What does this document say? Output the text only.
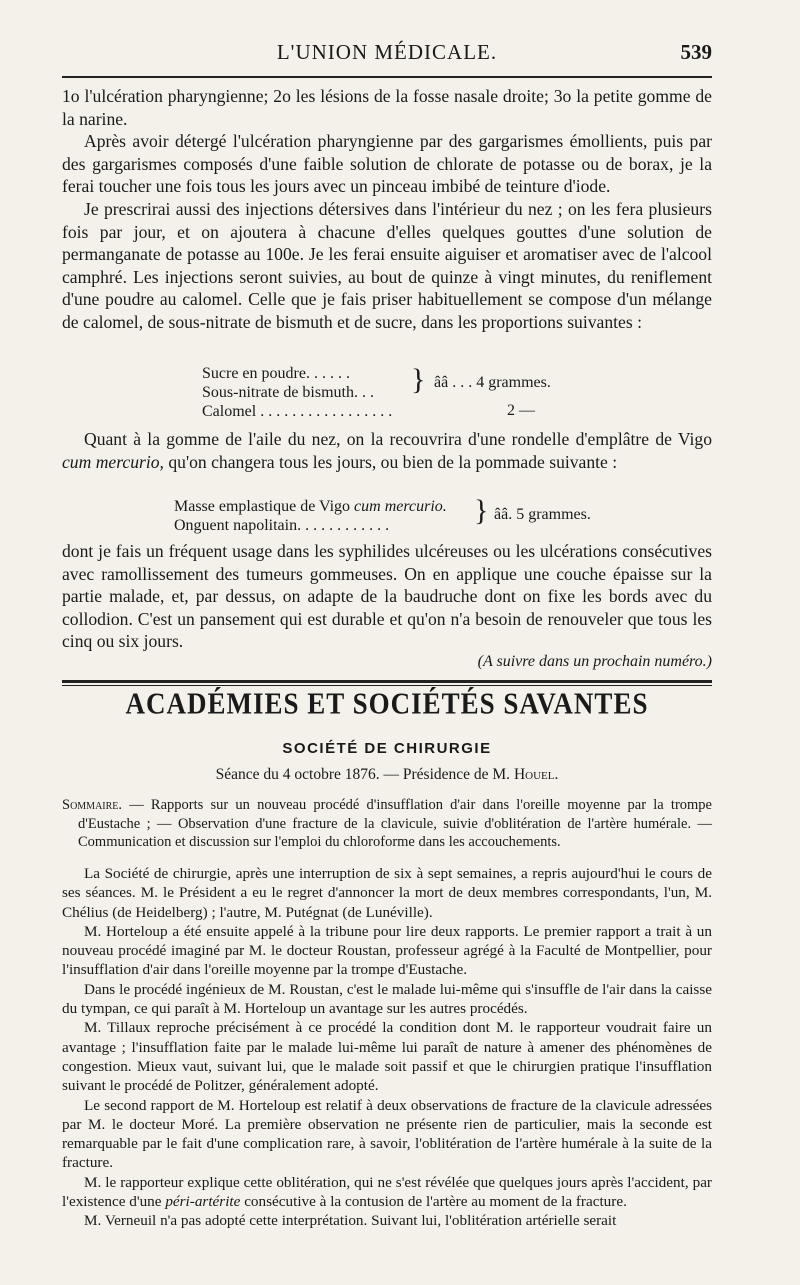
L'UNION MÉDICALE.	539

1o l'ulcération pharyngienne; 2o les lésions de la fosse nasale droite; 3o la petite gomme de la narine.

Après avoir détergé l'ulcération pharyngienne par des gargarismes émollients, puis par des gargarismes composés d'une faible solution de chlorate de potasse ou de borax, je la ferai toucher une fois tous les jours avec un pinceau imbibé de teinture d'iode.

Je prescrirai aussi des injections détersives dans l'intérieur du nez ; on les fera plusieurs fois par jour, et on ajoutera à chacune d'elles quelques gouttes d'une solution de permanganate de potasse au 100e. Je les ferai ensuite aiguiser et aromatiser avec de l'alcool camphré. Les injections seront suivies, au bout de quinze à vingt minutes, du reniflement d'une poudre au calomel. Celle que je fais priser habituellement se compose d'un mélange de calomel, de sous-nitrate de bismuth et de sucre, dans les proportions suivantes :

Sucre en poudre. . . . . .
Sous-nitrate de bismuth. . .
Calomel . . . . . . . . . . . . . . . . .
} ââ . . . 4 grammes.
2 —

Quant à la gomme de l'aile du nez, on la recouvrira d'une rondelle d'emplâtre de Vigo cum mercurio, qu'on changera tous les jours, ou bien de la pommade suivante :

Masse emplastique de Vigo cum mercurio.
Onguent napolitain. . . . . . . . . . . .	} ââ. 5 grammes.

dont je fais un fréquent usage dans les syphilides ulcéreuses ou les ulcérations consécutives avec ramollissement des tumeurs gommeuses. On en applique une couche épaisse sur la partie malade, et, par dessus, on adapte de la baudruche dont on fixe les bords avec du collodion. C'est un pansement qui est durable et qu'on n'a besoin de renouveler que tous les cinq ou six jours.

(A suivre dans un prochain numéro.)
ACADÉMIES ET SOCIÉTÉS SAVANTES
SOCIÉTÉ DE CHIRURGIE
Séance du 4 octobre 1876. — Présidence de M. Houel.
Sommaire. — Rapports sur un nouveau procédé d'insufflation d'air dans l'oreille moyenne par la trompe d'Eustache ; — Observation d'une fracture de la clavicule, suivie d'oblitération de l'artère humérale. — Communication et discussion sur l'emploi du chloroforme dans les accouchements.

La Société de chirurgie, après une interruption de six à sept semaines, a repris aujourd'hui le cours de ses séances. M. le Président a eu le regret d'annoncer la mort de deux membres correspondants, l'un, M. Chélius (de Heidelberg) ; l'autre, M. Putégnat (de Lunéville).

M. Horteloup a été ensuite appelé à la tribune pour lire deux rapports. Le premier rapport a trait à un nouveau procédé imaginé par M. le docteur Roustan, professeur agrégé à la Faculté de Montpellier, pour l'insufflation d'air dans l'oreille moyenne par la trompe d'Eustache.

Dans le procédé ingénieux de M. Roustan, c'est le malade lui-même qui s'insuffle de l'air dans la caisse du tympan, ce qui paraît à M. Horteloup un avantage sur les autres procédés.

M. Tillaux reproche précisément à ce procédé la condition dont M. le rapporteur voudrait faire un avantage ; l'insufflation faite par le malade lui-même lui paraît de nature à amener des phénomènes de congestion. Mieux vaut, suivant lui, que le malade soit passif et que le chirurgien pratique l'insufflation suivant le procédé de Politzer, généralement adopté.

Le second rapport de M. Horteloup est relatif à deux observations de fracture de la clavicule adressées par M. le docteur Moré. La première observation ne présente rien de particulier, mais la seconde est remarquable par le fait d'une complication rare, à savoir, l'oblitération de l'artère humérale à la suite de la fracture.

M. le rapporteur explique cette oblitération, qui ne s'est révélée que quelques jours après l'accident, par l'existence d'une péri-artérite consécutive à la contusion de l'artère au moment de la fracture.

M. Verneuil n'a pas adopté cette interprétation. Suivant lui, l'oblitération artérielle serait
